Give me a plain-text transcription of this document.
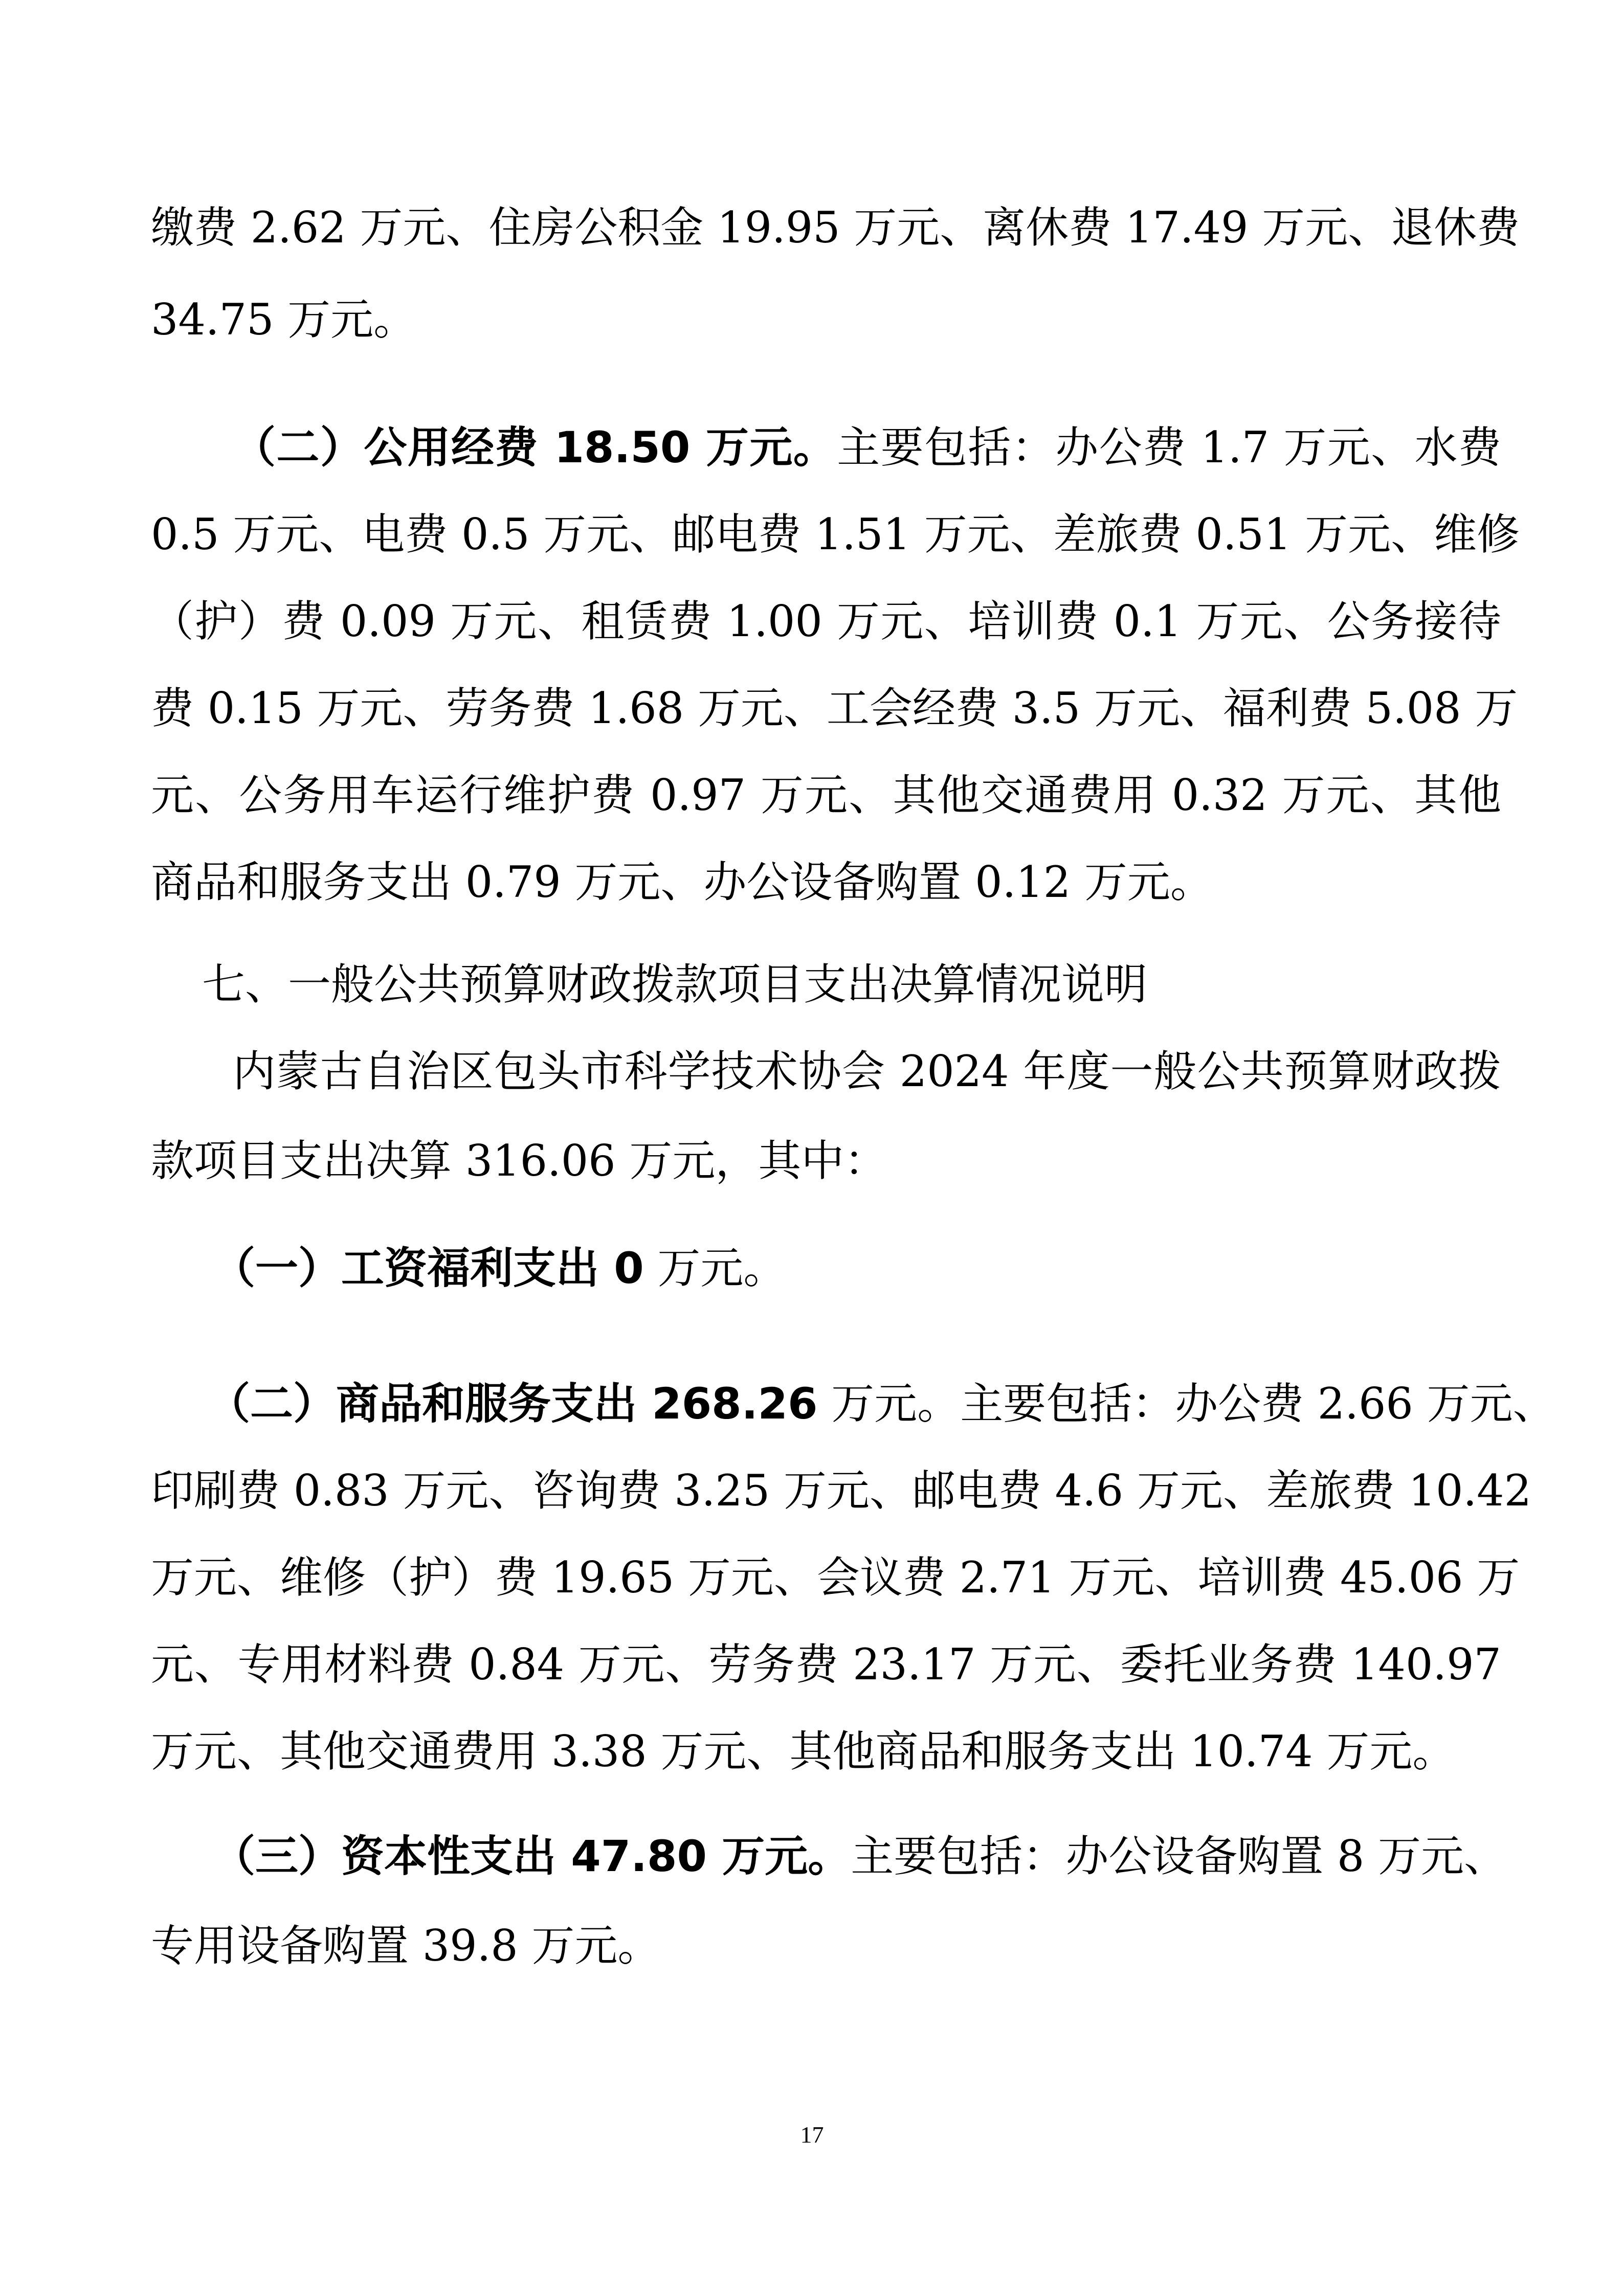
缴费 2.62 万元、住房公积金 19.95 万元、离休费 17.49 万元、退休费
34.75 万元。
（二）公用经费 18.50 万元。主要包括：办公费 1.7 万元、水费
0.5 万元、电费 0.5 万元、邮电费 1.51 万元、差旅费 0.51 万元、维修
（护）费 0.09 万元、租赁费 1.00 万元、培训费 0.1 万元、公务接待
费 0.15 万元、劳务费 1.68 万元、工会经费 3.5 万元、福利费 5.08 万
元、公务用车运行维护费 0.97 万元、其他交通费用 0.32 万元、其他
商品和服务支出 0.79 万元、办公设备购置 0.12 万元。
七、一般公共预算财政拨款项目支出决算情况说明
内蒙古自治区包头市科学技术协会 2024 年度一般公共预算财政拨
款项目支出决算 316.06 万元，其中：
（一）工资福利支出 0 万元。
（二）商品和服务支出 268.26 万元。主要包括：办公费 2.66 万元、
印刷费 0.83 万元、咨询费 3.25 万元、邮电费 4.6 万元、差旅费 10.42
万元、维修（护）费 19.65 万元、会议费 2.71 万元、培训费 45.06 万
元、专用材料费 0.84 万元、劳务费 23.17 万元、委托业务费 140.97
万元、其他交通费用 3.38 万元、其他商品和服务支出 10.74 万元。
（三）资本性支出 47.80 万元。主要包括：办公设备购置 8 万元、
专用设备购置 39.8 万元。
17
